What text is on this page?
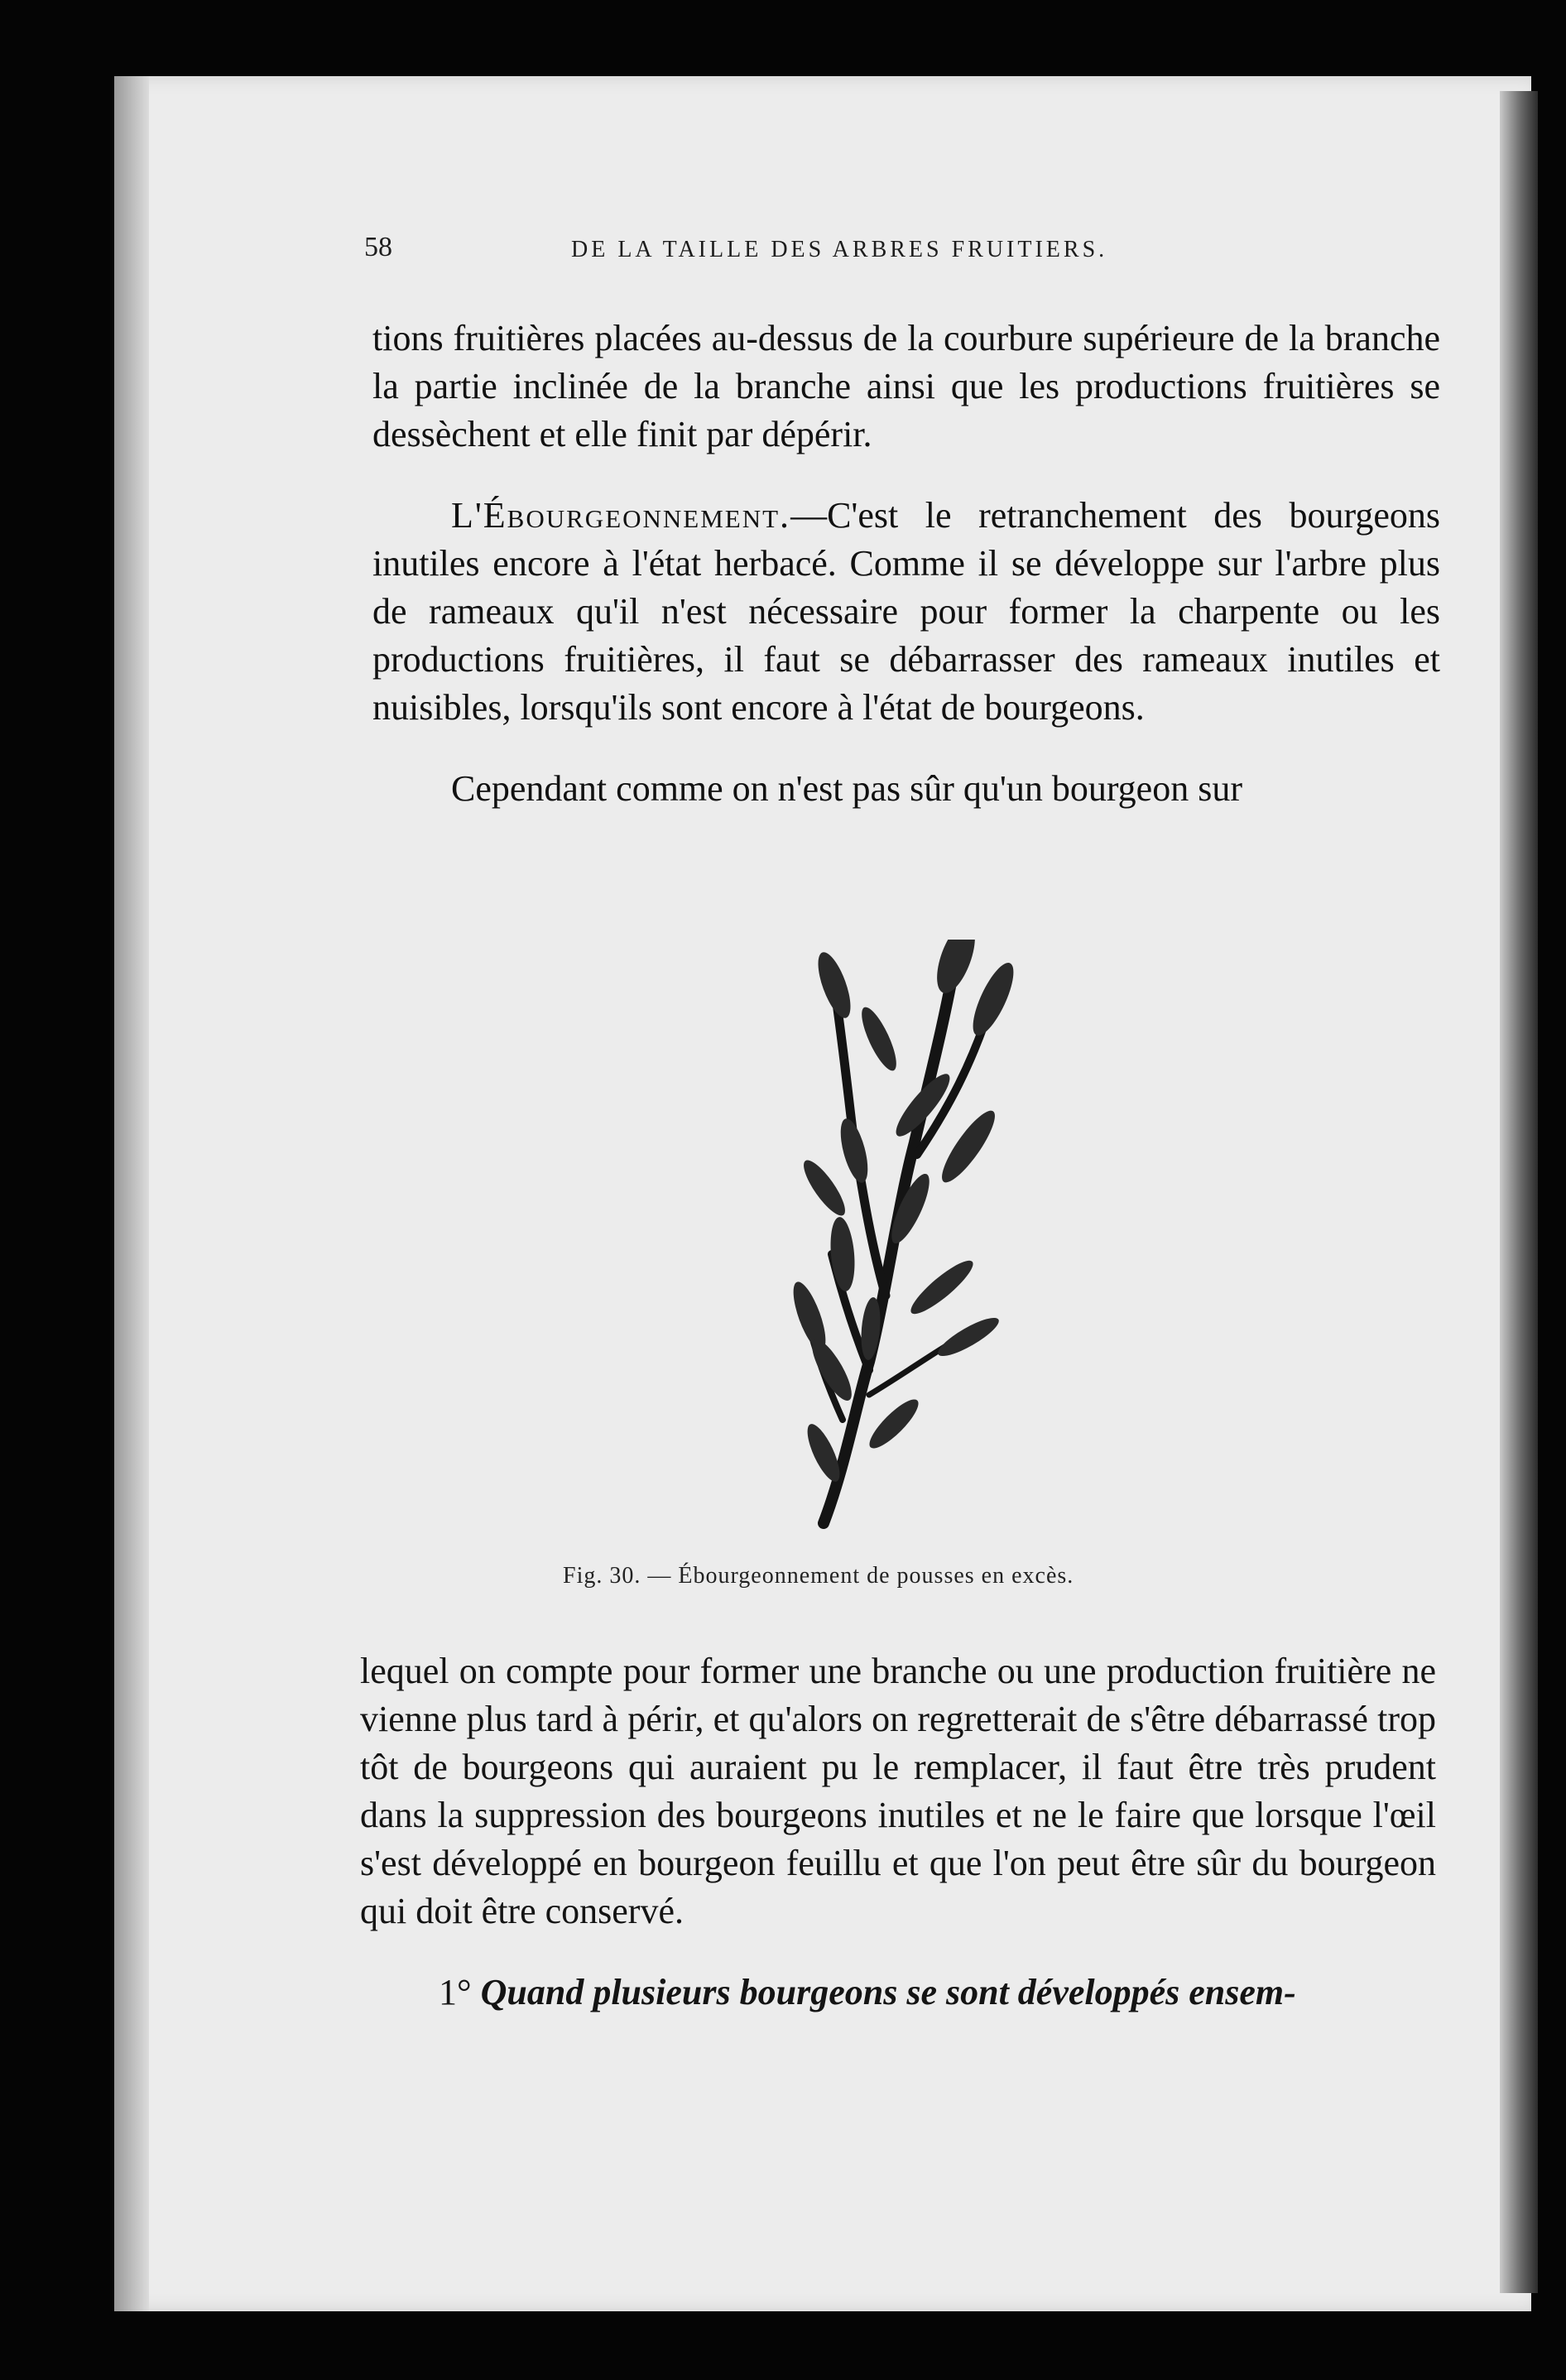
58	DE LA TAILLE DES ARBRES FRUITIERS.

tions fruitières placées au-dessus de la courbure supérieure de la branche la partie inclinée de la branche ainsi que les productions fruitières se dessèchent et elle finit par dépérir.

L'Ébourgeonnement.—C'est le retranchement des bourgeons inutiles encore à l'état herbacé. Comme il se développe sur l'arbre plus de rameaux qu'il n'est nécessaire pour former la charpente ou les productions fruitières, il faut se débarrasser des rameaux inutiles et nuisibles, lorsqu'ils sont encore à l'état de bourgeons.

Cependant comme on n'est pas sûr qu'un bourgeon sur

Fig. 30. — Ébourgeonnement de pousses en excès.

lequel on compte pour former une branche ou une production fruitière ne vienne plus tard à périr, et qu'alors on regretterait de s'être débarrassé trop tôt de bourgeons qui auraient pu le remplacer, il faut être très prudent dans la suppression des bourgeons inutiles et ne le faire que lorsque l'œil s'est développé en bourgeon feuillu et que l'on peut être sûr du bourgeon qui doit être conservé.

1° Quand plusieurs bourgeons se sont développés ensem-
